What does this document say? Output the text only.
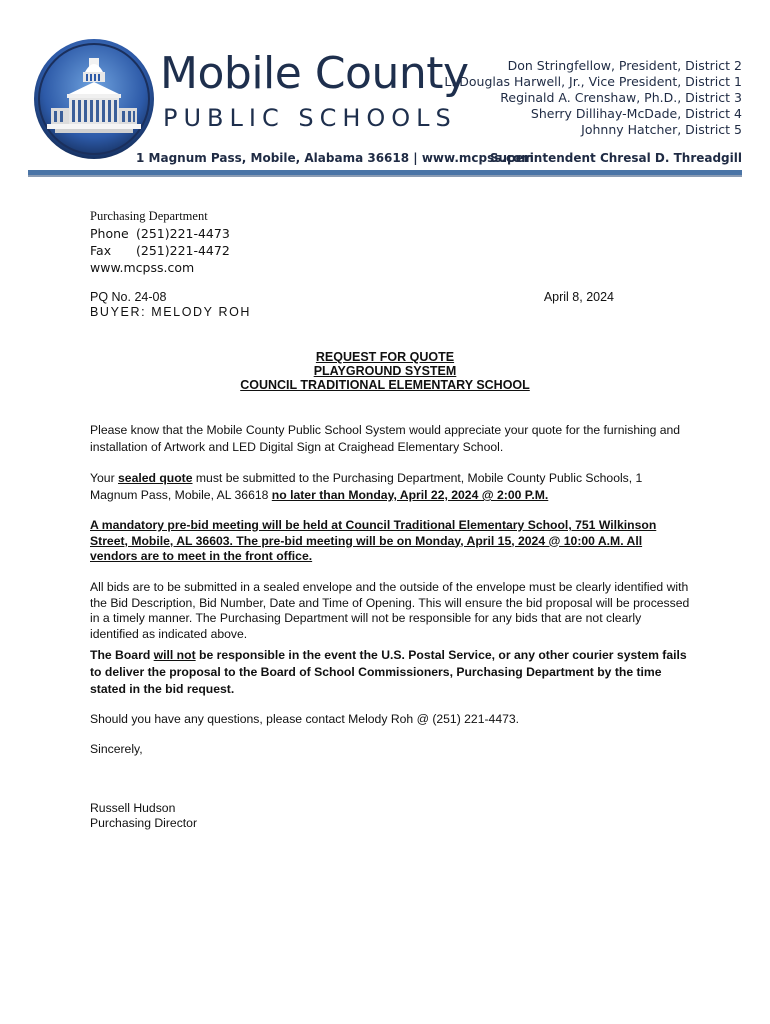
Mobile County
PUBLIC SCHOOLS
Don Stringfellow, President, District 2
L. Douglas Harwell, Jr., Vice President, District 1
Reginald A. Crenshaw, Ph.D., District 3
Sherry Dillihay-McDade, District 4
Johnny Hatcher, District 5
1 Magnum Pass, Mobile, Alabama 36618 | www.mcpss.com
Superintendent Chresal D. Threadgill
Purchasing Department
Phone (251)221-4473
Fax (251)221-4472
www.mcpss.com
PQ No. 24-08
BUYER: MELODY ROH
April 8, 2024
REQUEST FOR QUOTE
PLAYGROUND SYSTEM
COUNCIL TRADITIONAL ELEMENTARY SCHOOL
Please know that the Mobile County Public School System would appreciate your quote for the furnishing and installation of Artwork and LED Digital Sign at Craighead Elementary School.
Your sealed quote must be submitted to the Purchasing Department, Mobile County Public Schools, 1 Magnum Pass, Mobile, AL 36618 no later than Monday, April 22, 2024 @ 2:00 P.M.
A mandatory pre-bid meeting will be held at Council Traditional Elementary School, 751 Wilkinson Street, Mobile, AL 36603. The pre-bid meeting will be on Monday, April 15, 2024 @ 10:00 A.M. All vendors are to meet in the front office.
All bids are to be submitted in a sealed envelope and the outside of the envelope must be clearly identified with the Bid Description, Bid Number, Date and Time of Opening. This will ensure the bid proposal will be processed in a timely manner. The Purchasing Department will not be responsible for any bids that are not clearly identified as indicated above.
The Board will not be responsible in the event the U.S. Postal Service, or any other courier system fails to deliver the proposal to the Board of School Commissioners, Purchasing Department by the time stated in the bid request.
Should you have any questions, please contact Melody Roh @ (251) 221-4473.
Sincerely,
Russell Hudson
Purchasing Director
